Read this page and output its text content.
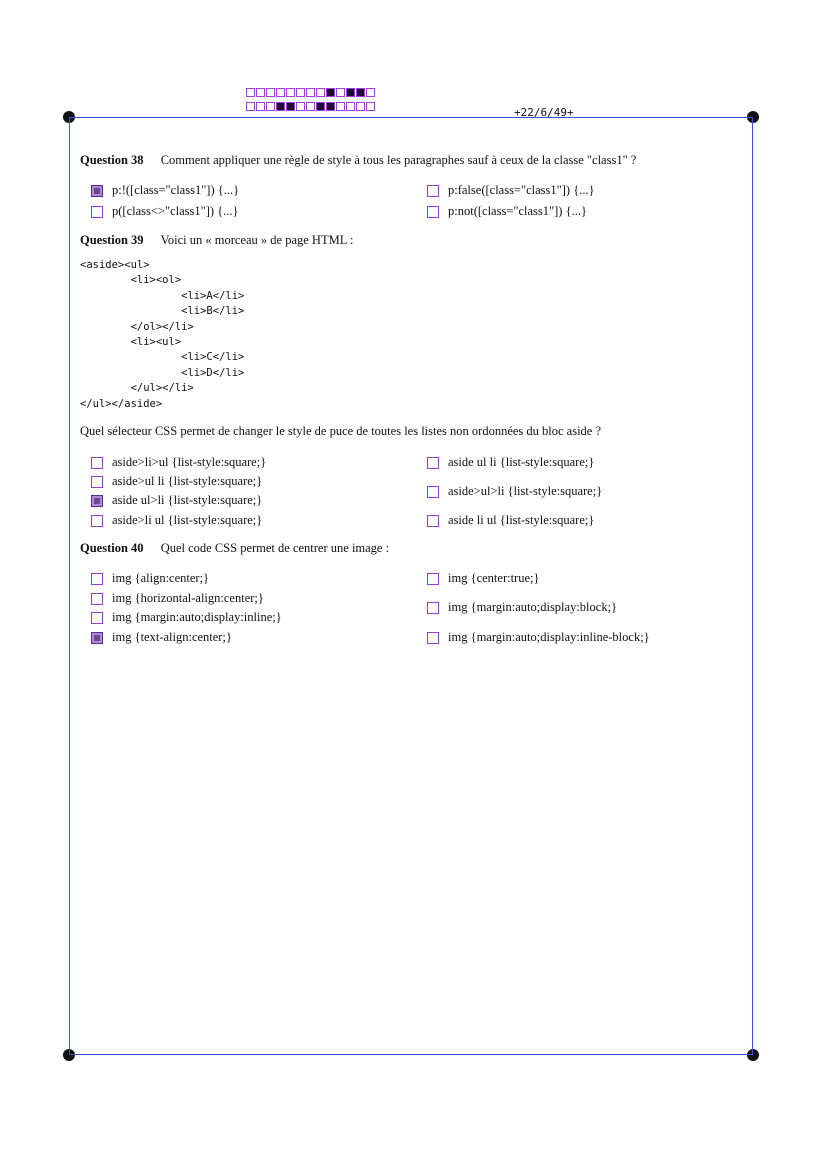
+22/6/49+
Question 38 Comment appliquer une règle de style à tous les paragraphes sauf à ceux de la classe "class1" ?
p:!([class="class1"]) {...}
p([class<>"class1"]) {...}
p:false([class="class1"]) {...}
p:not([class="class1"]) {...}
Question 39 Voici un « morceau » de page HTML :
<aside><ul>
<li><ol>
<li>A</li>
<li>B</li>
</ol></li>
<li><ul>
<li>C</li>
<li>D</li>
</ul></li>
</ul></aside>
Quel sélecteur CSS permet de changer le style de puce de toutes les listes non ordonnées du bloc aside ?
aside>li>ul {list-style:square;}
aside>ul li {list-style:square;}
aside ul>li {list-style:square;}
aside>li ul {list-style:square;}
aside ul li {list-style:square;}
aside>ul>li {list-style:square;}
aside li ul {list-style:square;}
Question 40 Quel code CSS permet de centrer une image :
img {align:center;}
img {horizontal-align:center;}
img {margin:auto;display:inline;}
img {text-align:center;}
img {center:true;}
img {margin:auto;display:block;}
img {margin:auto;display:inline-block;}
